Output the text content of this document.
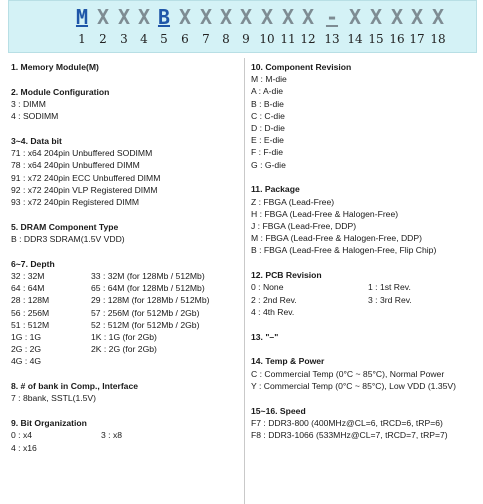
M X X X B X X X X X X X - X X X X X
1	2	3	4	5	6	7	8	9 10 11 12 13 14 15 16 17 18
1. Memory Module(M)
2. Module Configuration
3 : DIMM
4 : SODIMM
3~4. Data bit
71 : x64 204pin Unbuffered SODIMM
78 : x64 240pin Unbuffered DIMM
91 : x72 240pin ECC Unbuffered DIMM
92 : x72 240pin VLP Registered DIMM
93 : x72 240pin Registered DIMM
5. DRAM Component Type
B : DDR3 SDRAM(1.5V VDD)
6~7. Depth
32 : 32M	33 : 32M (for 128Mb / 512Mb)
64 : 64M	65 : 64M (for 128Mb / 512Mb)
28 : 128M	29 : 128M (for 128Mb / 512Mb)
56 : 256M	57 : 256M (for 512Mb / 2Gb)
51 : 512M	52 : 512M (for 512Mb / 2Gb)
1G : 1G	1K : 1G (for 2Gb)
2G : 2G	2K : 2G (for 2Gb)
4G : 4G
8. # of bank in Comp., Interface
7 : 8bank, SSTL(1.5V)
9. Bit Organization
0 : x4	3 : x8
4 : x16
10. Component Revision
M : M-die
A : A-die
B : B-die
C : C-die
D : D-die
E : E-die
F : F-die
G : G-die
11. Package
Z : FBGA (Lead-Free)
H : FBGA (Lead-Free & Halogen-Free)
J : FBGA (Lead-Free, DDP)
M : FBGA (Lead-Free & Halogen-Free, DDP)
B : FBGA (Lead-Free & Halogen-Free, Flip Chip)
12. PCB Revision
0 : None	1 : 1st Rev.
2 : 2nd Rev.	3 : 3rd Rev.
4 : 4th Rev.
13. "–"
14. Temp & Power
C : Commercial Temp (0°C ~ 85°C), Normal Power
Y : Commercial Temp (0°C ~ 85°C), Low VDD (1.35V)
15~16. Speed
F7 : DDR3-800 (400MHz@CL=6, tRCD=6, tRP=6)
F8 : DDR3-1066 (533MHz@CL=7, tRCD=7, tRP=7)
